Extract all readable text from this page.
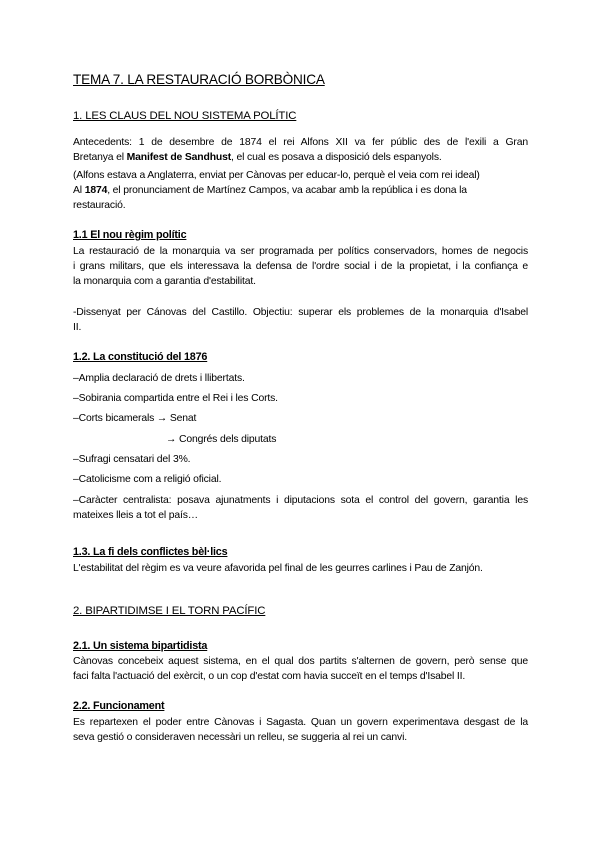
TEMA 7. LA RESTAURACIÓ BORBÒNICA
1. LES CLAUS DEL NOU SISTEMA POLÍTIC
Antecedents: 1 de desembre de 1874 el rei Alfons XII va fer públic des de l'exili a Gran
Bretanya el Manifest de Sandhust, el cual es posava a disposició dels espanyols.
(Alfons estava a Anglaterra, enviat per Cànovas per educar-lo, perquè el veia com rei ideal)
Al 1874, el pronunciament de Martínez Campos, va acabar amb la república i es dona la
restauració.
1.1 El nou règim polític
La restauració de la monarquia va ser programada per polítics conservadors, homes de negocis
i grans militars, que els interessava la defensa de l'ordre social i de la propietat, i la confiança e
la monarquia com a garantia d'estabilitat.
-Dissenyat per Cánovas del Castillo. Objectiu: superar els problemes de la monarquia d'Isabel
II.
1.2. La constitució del 1876
–Amplia declaració de drets i llibertats.
–Sobirania compartida entre el Rei i les Corts.
–Corts bicamerals → Senat
→ Congrés dels diputats
–Sufragi censatari del 3%.
–Catolicisme com a religió oficial.
–Caràcter centralista: posava ajunatments i diputacions sota el control del govern, garantia les
mateixes lleis a tot el país…
1.3. La fi dels conflictes bèl·lics
L'estabilitat del règim es va veure afavorida pel final de les geurres carlines i Pau de Zanjón.
2. BIPARTIDIMSE I EL TORN PACÍFIC
2.1. Un sistema bipartidista
Cànovas concebeix aquest sistema, en el qual dos partits s'alternen de govern, però sense que
faci falta l'actuació del exèrcit, o un cop d'estat com havia succeït en el temps d'Isabel II.
2.2. Funcionament
Es repartexen el poder entre Cànovas i Sagasta. Quan un govern experimentava desgast de la
seva gestió o consideraven necessàri un relleu, se suggeria al rei un canvi.
